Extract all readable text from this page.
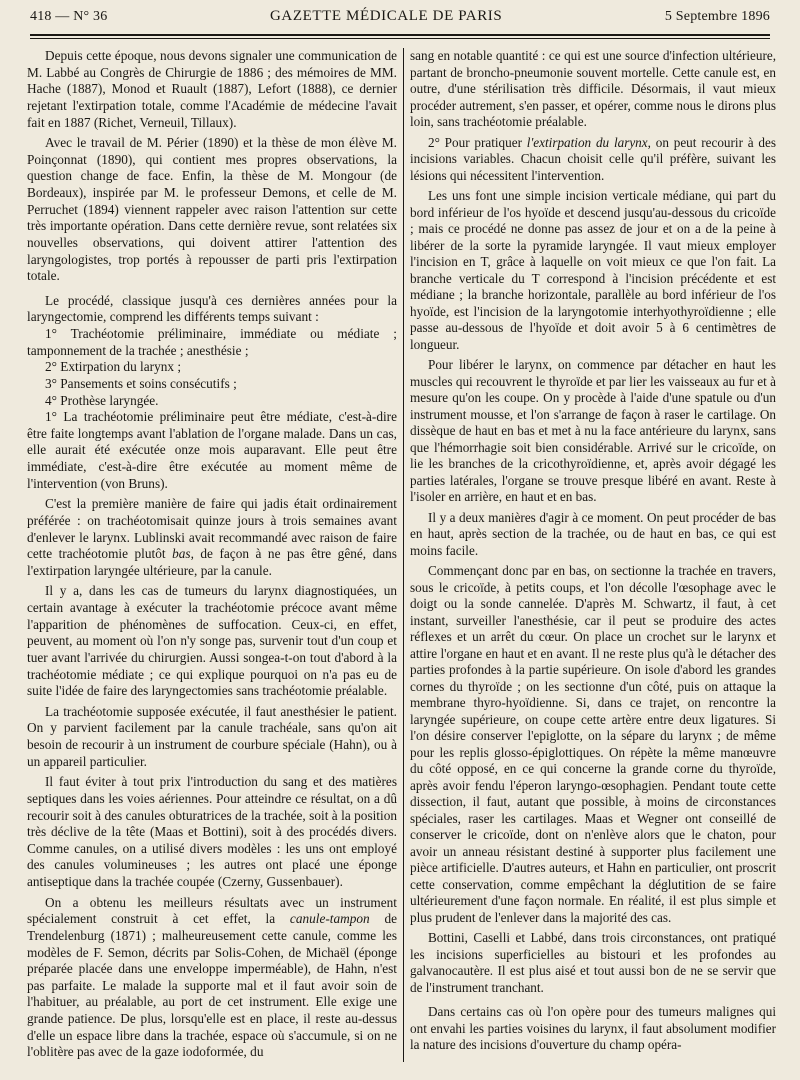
418 — N° 36	GAZETTE MÉDICALE DE PARIS	5 Septembre 1896

Depuis cette époque, nous devons signaler une communication de M. Labbé au Congrès de Chirurgie de 1886 ; des mémoires de MM. Hache (1887), Monod et Ruault (1887), Lefort (1888), ce dernier rejetant l'extirpation totale, comme l'Académie de médecine l'avait fait en 1887 (Richet, Verneuil, Tillaux).

Avec le travail de M. Périer (1890) et la thèse de mon élève M. Poinçonnat (1890), qui contient mes propres observations, la question change de face. Enfin, la thèse de M. Mongour (de Bordeaux), inspirée par M. le professeur Demons, et celle de M. Perruchet (1894) viennent rappeler avec raison l'attention sur cette très importante opération. Dans cette dernière revue, sont relatées six nouvelles observations, qui doivent attirer l'attention des laryngologistes, trop portés à repousser de parti pris l'extirpation totale.

Le procédé, classique jusqu'à ces dernières années pour la laryngectomie, comprend les différents temps suivant :

1° Trachéotomie préliminaire, immédiate ou médiate ; tamponnement de la trachée ; anesthésie ;

2° Extirpation du larynx ;

3° Pansements et soins consécutifs ;

4° Prothèse laryngée.

1° La trachéotomie préliminaire peut être médiate, c'est-à-dire être faite longtemps avant l'ablation de l'organe malade. Dans un cas, elle aurait été exécutée onze mois auparavant. Elle peut être immédiate, c'est-à-dire être exécutée au moment même de l'intervention (von Bruns).

C'est la première manière de faire qui jadis était ordinairement préférée : on trachéotomisait quinze jours à trois semaines avant d'enlever le larynx. Lublinski avait recommandé avec raison de faire cette trachéotomie plutôt bas, de façon à ne pas être gêné, dans l'extirpation laryngée ultérieure, par la canule.

Il y a, dans les cas de tumeurs du larynx diagnostiquées, un certain avantage à exécuter la trachéotomie précoce avant même l'apparition de phénomènes de suffocation. Ceux-ci, en effet, peuvent, au moment où l'on n'y songe pas, survenir tout d'un coup et tuer avant l'arrivée du chirurgien. Aussi songea-t-on tout d'abord à la trachéotomie médiate ; ce qui explique pourquoi on n'a pas eu de suite l'idée de faire des laryngectomies sans trachéotomie préalable.

La trachéotomie supposée exécutée, il faut anesthésier le patient. On y parvient facilement par la canule trachéale, sans qu'on ait besoin de recourir à un instrument de courbure spéciale (Hahn), ou à un appareil particulier.

Il faut éviter à tout prix l'introduction du sang et des matières septiques dans les voies aériennes. Pour atteindre ce résultat, on a dû recourir soit à des canules obturatrices de la trachée, soit à la position très déclive de la tête (Maas et Bottini), soit à des procédés divers. Comme canules, on a utilisé divers modèles : les uns ont employé des canules volumineuses ; les autres ont placé une éponge antiseptique dans la trachée coupée (Czerny, Gussenbauer).

On a obtenu les meilleurs résultats avec un instrument spécialement construit à cet effet, la canule-tampon de Trendelenburg (1871) ; malheureusement cette canule, comme les modèles de F. Semon, décrits par Solis-Cohen, de Michaël (éponge préparée placée dans une enveloppe imperméable), de Hahn, n'est pas parfaite. Le malade la supporte mal et il faut avoir soin de l'habituer, au préalable, au port de cet instrument. Elle exige une grande patience. De plus, lorsqu'elle est en place, il reste au-dessus d'elle un espace libre dans la trachée, espace où s'accumule, si on ne l'oblitère pas avec de la gaze iodoformée, du

sang en notable quantité : ce qui est une source d'infection ultérieure, partant de broncho-pneumonie souvent mortelle. Cette canule est, en outre, d'une stérilisation très difficile. Désormais, il vaut mieux procéder autrement, s'en passer, et opérer, comme nous le dirons plus loin, sans trachéotomie préalable.

2° Pour pratiquer l'extirpation du larynx, on peut recourir à des incisions variables. Chacun choisit celle qu'il préfère, suivant les lésions qui nécessitent l'intervention.

Les uns font une simple incision verticale médiane, qui part du bord inférieur de l'os hyoïde et descend jusqu'au-dessous du cricoïde ; mais ce procédé ne donne pas assez de jour et on a de la peine à libérer de la sorte la pyramide laryngée. Il vaut mieux employer l'incision en T, grâce à laquelle on voit mieux ce que l'on fait. La branche verticale du T correspond à l'incision précédente et est médiane ; la branche horizontale, parallèle au bord inférieur de l'os hyoïde, est l'incision de la laryngotomie interhyothyroïdienne ; elle passe au-dessous de l'hyoïde et doit avoir 5 à 6 centimètres de longueur.

Pour libérer le larynx, on commence par détacher en haut les muscles qui recouvrent le thyroïde et par lier les vaisseaux au fur et à mesure qu'on les coupe. On y procède à l'aide d'une spatule ou d'un instrument mousse, et l'on s'arrange de façon à raser le cartilage. On dissèque de haut en bas et met à nu la face antérieure du larynx, sans que l'hémorrhagie soit bien considérable. Arrivé sur le cricoïde, on lie les branches de la cricothyroïdienne, et, après avoir dégagé les parties latérales, l'organe se trouve presque libéré en avant. Reste à l'isoler en arrière, en haut et en bas.

Il y a deux manières d'agir à ce moment. On peut procéder de bas en haut, après section de la trachée, ou de haut en bas, ce qui est moins facile.

Commençant donc par en bas, on sectionne la trachée en travers, sous le cricoïde, à petits coups, et l'on décolle l'œsophage avec le doigt ou la sonde cannelée. D'après M. Schwartz, il faut, à cet instant, surveiller l'anesthésie, car il peut se produire des actes réflexes et un arrêt du cœur. On place un crochet sur le larynx et attire l'organe en haut et en avant. Il ne reste plus qu'à le détacher des parties profondes à la partie supérieure. On isole d'abord les grandes cornes du thyroïde ; on les sectionne d'un côté, puis on attaque la membrane thyro-hyoïdienne. Si, dans ce trajet, on rencontre la laryngée supérieure, on coupe cette artère entre deux ligatures. Si l'on désire conserver l'epiglotte, on la sépare du larynx ; de même pour les replis glosso-épiglottiques. On répète la même manœuvre du côté opposé, en ce qui concerne la grande corne du thyroïde, après avoir fendu l'éperon laryngo-œsophagien. Pendant toute cette dissection, il faut, autant que possible, à moins de circonstances spéciales, raser les cartilages. Maas et Wegner ont conseillé de conserver le cricoïde, dont on n'enlève alors que le chaton, pour avoir un anneau résistant destiné à supporter plus facilement une pièce artificielle. D'autres auteurs, et Hahn en particulier, ont proscrit cette conservation, comme empêchant la déglutition de se faire ultérieurement d'une façon normale. En réalité, il est plus simple et plus prudent de l'enlever dans la majorité des cas.

Bottini, Caselli et Labbé, dans trois circonstances, ont pratiqué les incisions superficielles au bistouri et les profondes au galvanocautère. Il est plus aisé et tout aussi bon de ne se servir que de l'instrument tranchant.

Dans certains cas où l'on opère pour des tumeurs malignes qui ont envahi les parties voisines du larynx, il faut absolument modifier la nature des incisions d'ouverture du champ opéra-
